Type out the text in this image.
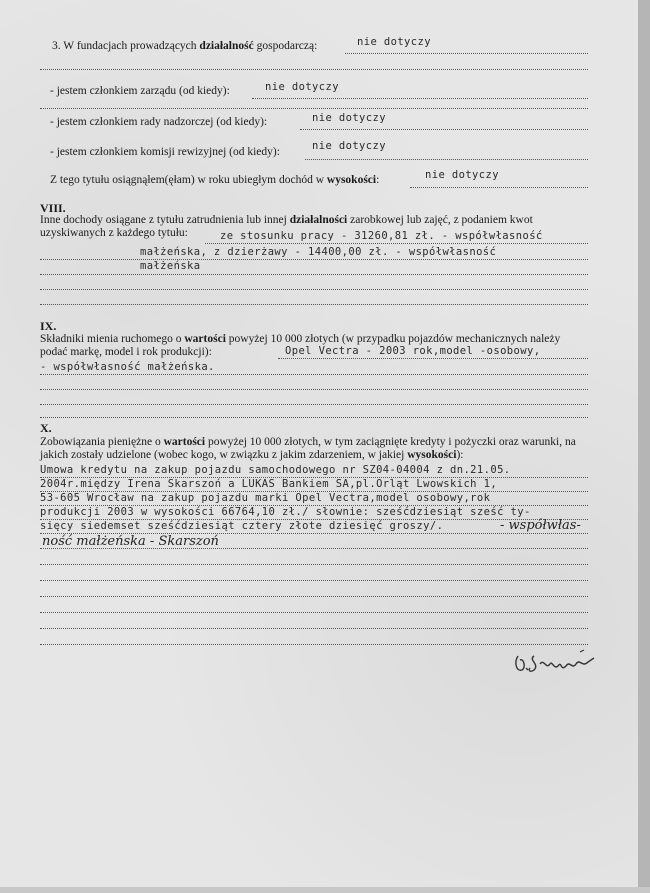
3. W fundacjach prowadzących działalność gospodarczą:	nie dotyczy
- jestem członkiem zarządu (od kiedy):	nie dotyczy
- jestem członkiem rady nadzorczej (od kiedy):	nie dotyczy
- jestem członkiem komisji rewizyjnej (od kiedy):	nie dotyczy
Z tego tytułu osiągnąłem(ęłam) w roku ubiegłym dochód w wysokości:	nie dotyczy
VIII.
Inne dochody osiągane z tytułu zatrudnienia lub innej działalności zarobkowej lub zajęć, z podaniem kwot uzyskiwanych z każdego tytułu:	ze stosunku pracy - 31260,81 zł. - współwłasność
małżeńska, z dzierżawy - 14400,00 zł. - współwłasność
małżeńska
IX.
Składniki mienia ruchomego o wartości powyżej 10 000 złotych (w przypadku pojazdów mechanicznych należy podać markę, model i rok produkcji):	Opel Vectra - 2003 rok,model -osobowy,
- współwłasność małżeńska.
X.
Zobowiązania pieniężne o wartości powyżej 10 000 złotych, w tym zaciągnięte kredyty i pożyczki oraz warunki, na jakich zostały udzielone (wobec kogo, w związku z jakim zdarzeniem, w jakiej wysokości):
Umowa kredytu na zakup pojazdu samochodowego nr SZ04-04004 z dn.21.05.
2004r.między Irena Skarszoń a LUKAS Bankiem SA,pl.Orląt Lwowskich 1,
53-605 Wrocław na zakup pojazdu marki Opel Vectra,model osobowy,rok
produkcji 2003 w wysokości 66764,10 zł./ słownie: sześćdziesiąt sześć ty-
sięcy siedemset sześćdziesiąt cztery złote dziesięć groszy/.	- współwłas-
ność małżeńska - Skarszoń
